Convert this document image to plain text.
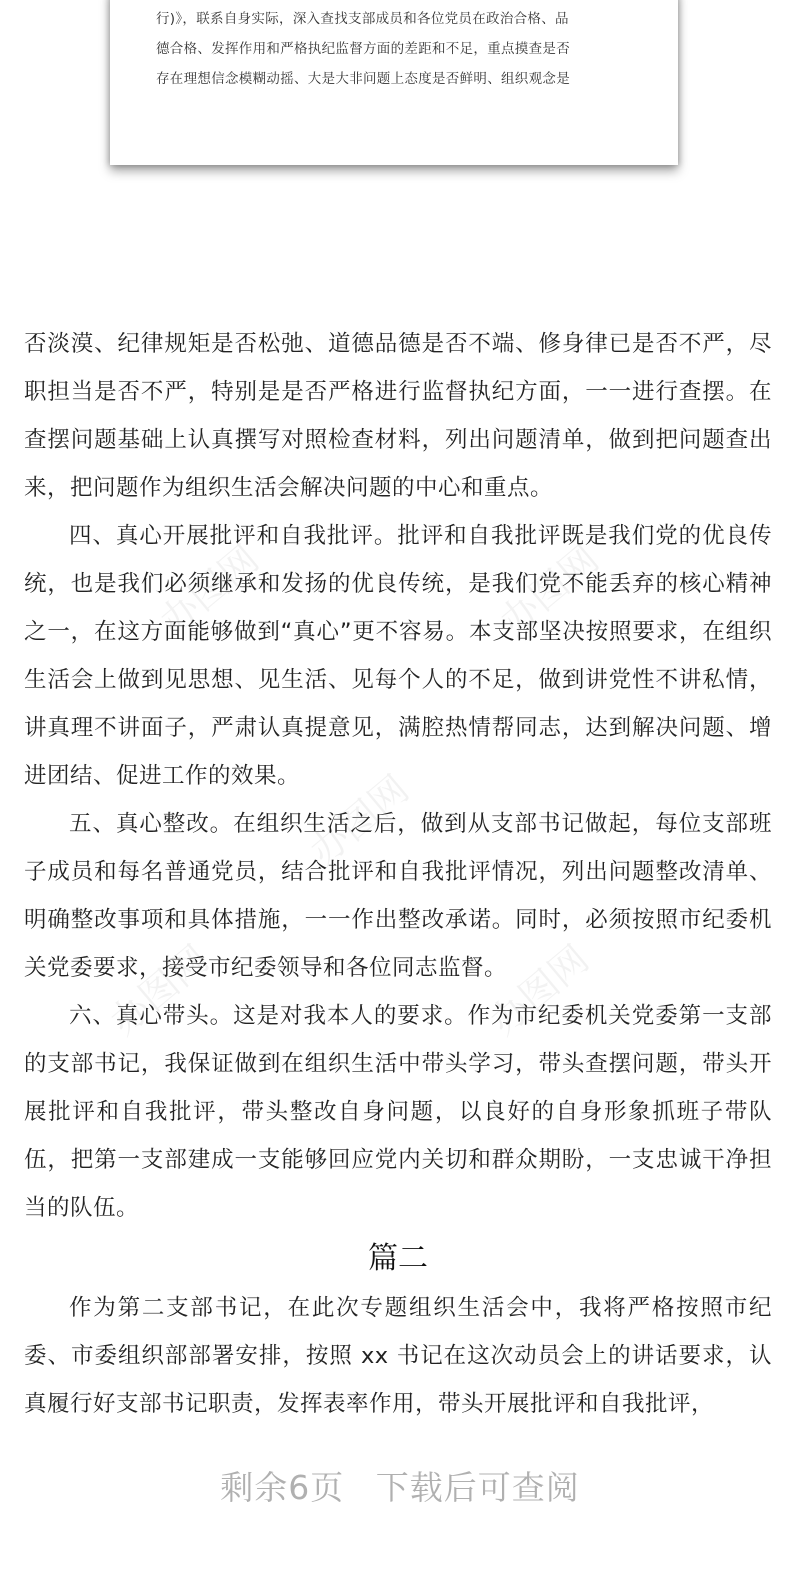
行)》，联系自身实际，深入查找支部成员和各位党员在政治合格、品

德合格、发挥作用和严格执纪监督方面的差距和不足，重点摸查是否

存在理想信念模糊动摇、大是大非问题上态度是否鲜明、组织观念是

办图网	办图网
办图网
办图网	办图网

否淡漠、纪律规矩是否松弛、道德品德是否不端、修身律已是否不严，尽职担当是否不严，特别是是否严格进行监督执纪方面，一一进行查摆。在查摆问题基础上认真撰写对照检查材料，列出问题清单，做到把问题查出来，把问题作为组织生活会解决问题的中心和重点。

四、真心开展批评和自我批评。批评和自我批评既是我们党的优良传统，也是我们必须继承和发扬的优良传统，是我们党不能丢弃的核心精神之一，在这方面能够做到“真心”更不容易。本支部坚决按照要求，在组织生活会上做到见思想、见生活、见每个人的不足，做到讲党性不讲私情，讲真理不讲面子，严肃认真提意见，满腔热情帮同志，达到解决问题、增进团结、促进工作的效果。

五、真心整改。在组织生活之后，做到从支部书记做起，每位支部班子成员和每名普通党员，结合批评和自我批评情况，列出问题整改清单、明确整改事项和具体措施，一一作出整改承诺。同时，必须按照市纪委机关党委要求，接受市纪委领导和各位同志监督。

六、真心带头。这是对我本人的要求。作为市纪委机关党委第一支部的支部书记，我保证做到在组织生活中带头学习，带头查摆问题，带头开展批评和自我批评，带头整改自身问题，以良好的自身形象抓班子带队伍，把第一支部建成一支能够回应党内关切和群众期盼，一支忠诚干净担当的队伍。

篇二

作为第二支部书记，在此次专题组织生活会中，我将严格按照市纪委、市委组织部部署安排，按照 xx 书记在这次动员会上的讲话要求，认真履行好支部书记职责，发挥表率作用，带头开展批评和自我批评，

剩余6页 下载后可查阅
